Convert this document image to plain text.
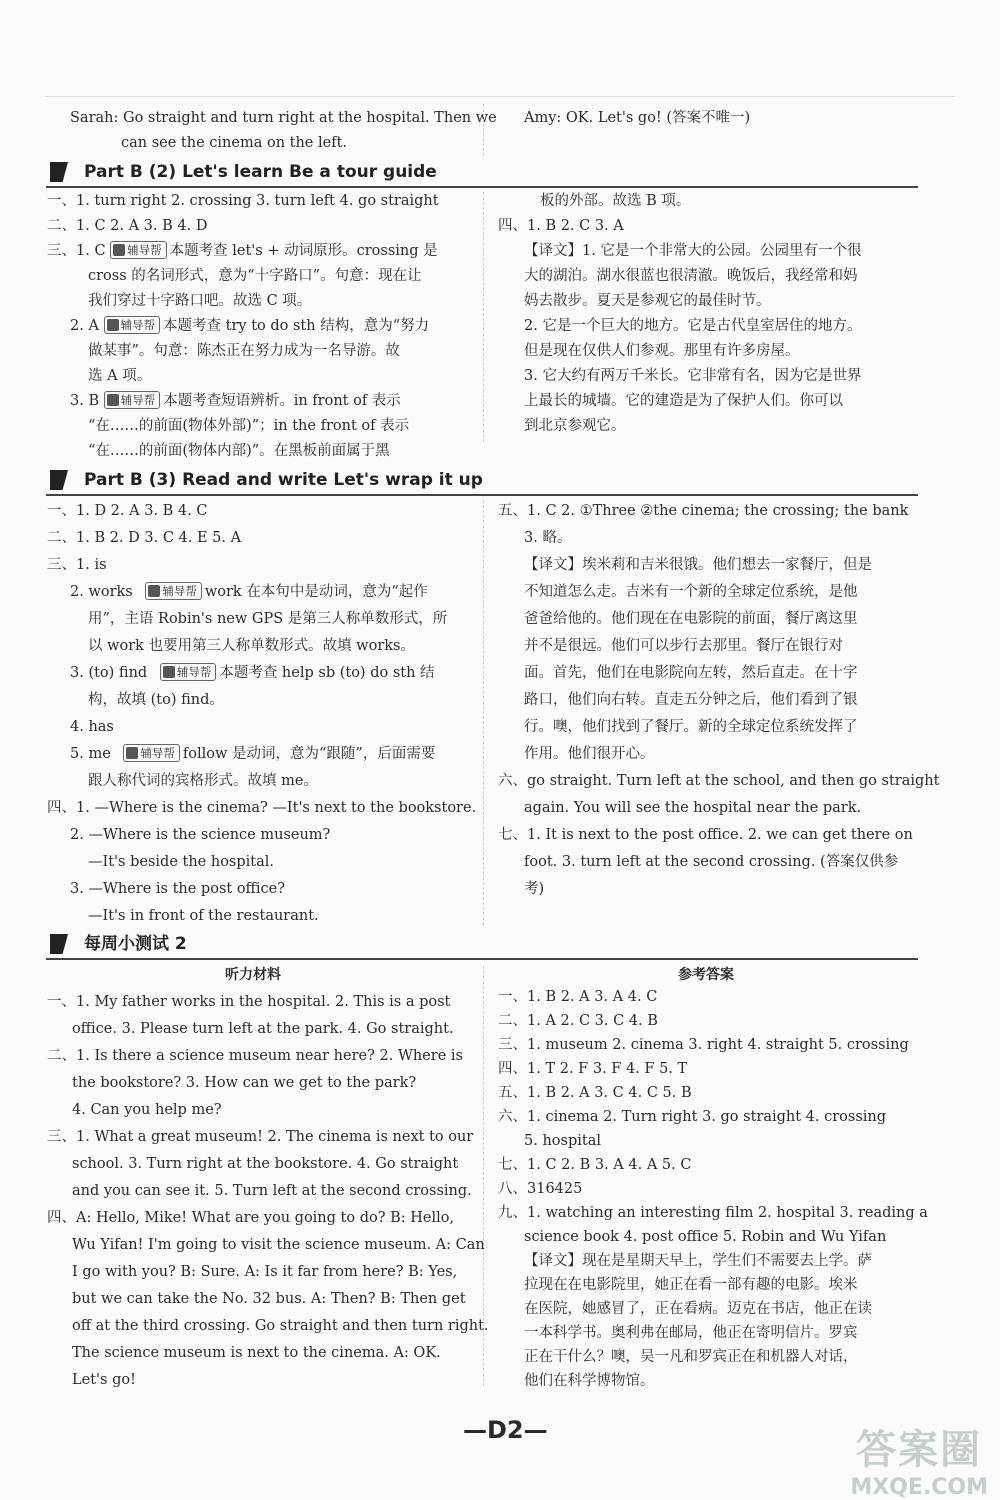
Sarah: Go straight and turn right at the hospital. Then we
can see the cinema on the left.
Amy: OK. Let's go! (答案不唯一)
Part B (2) Let's learn Be a tour guide
一、1. turn right 2. crossing 3. turn left 4. go straight
二、1. C 2. A 3. B 4. D
三、1. C 辅导帮 本题考查 let's + 动词原形。crossing 是
cross 的名词形式，意为“十字路口”。句意：现在让
我们穿过十字路口吧。故选 C 项。
2. A 辅导帮 本题考查 try to do sth 结构，意为“努力
做某事”。句意：陈杰正在努力成为一名导游。故
选 A 项。
3. B 辅导帮 本题考查短语辨析。in front of 表示
“在……的前面(物体外部)”；in the front of 表示
“在……的前面(物体内部)”。在黑板前面属于黑
板的外部。故选 B 项。
四、1. B 2. C 3. A
【译文】1. 它是一个非常大的公园。公园里有一个很
大的湖泊。湖水很蓝也很清澈。晚饭后，我经常和妈
妈去散步。夏天是参观它的最佳时节。
2. 它是一个巨大的地方。它是古代皇室居住的地方。
但是现在仅供人们参观。那里有许多房屋。
3. 它大约有两万千米长。它非常有名，因为它是世界
上最长的城墙。它的建造是为了保护人们。你可以
到北京参观它。
Part B (3) Read and write Let's wrap it up
一、1. D 2. A 3. B 4. C
二、1. B 2. D 3. C 4. E 5. A
三、1. is
2. works	辅导帮 work 在本句中是动词，意为“起作
用”，主语 Robin's new GPS 是第三人称单数形式，所
以 work 也要用第三人称单数形式。故填 works。
3. (to) find	辅导帮 本题考查 help sb (to) do sth 结
构，故填 (to) find。
4. has
5. me	辅导帮 follow 是动词，意为“跟随”，后面需要
跟人称代词的宾格形式。故填 me。
四、1. —Where is the cinema? —It's next to the bookstore.
2. —Where is the science museum?
—It's beside the hospital.
3. —Where is the post office?
—It's in front of the restaurant.
五、1. C 2. ①Three ②the cinema; the crossing; the bank
3. 略。
【译文】埃米莉和吉米很饿。他们想去一家餐厅，但是
不知道怎么走。吉米有一个新的全球定位系统，是他
爸爸给他的。他们现在在电影院的前面，餐厅离这里
并不是很远。他们可以步行去那里。餐厅在银行对
面。首先，他们在电影院向左转，然后直走。在十字
路口，他们向右转。直走五分钟之后，他们看到了银
行。噢，他们找到了餐厅。新的全球定位系统发挥了
作用。他们很开心。
六、go straight. Turn left at the school, and then go straight
again. You will see the hospital near the park.
七、1. It is next to the post office. 2. we can get there on
foot. 3. turn left at the second crossing. (答案仅供参
考)
每周小测试 2
听力材料	参考答案
一、1. My father works in the hospital. 2. This is a post
office. 3. Please turn left at the park. 4. Go straight.
二、1. Is there a science museum near here? 2. Where is
the bookstore? 3. How can we get to the park?
4. Can you help me?
三、1. What a great museum! 2. The cinema is next to our
school. 3. Turn right at the bookstore. 4. Go straight
and you can see it. 5. Turn left at the second crossing.
四、A: Hello, Mike! What are you going to do? B: Hello,
Wu Yifan! I'm going to visit the science museum. A: Can
I go with you? B: Sure. A: Is it far from here? B: Yes,
but we can take the No. 32 bus. A: Then? B: Then get
off at the third crossing. Go straight and then turn right.
The science museum is next to the cinema. A: OK.
Let's go!
一、1. B 2. A 3. A 4. C
二、1. A 2. C 3. C 4. B
三、1. museum 2. cinema 3. right 4. straight 5. crossing
四、1. T 2. F 3. F 4. F 5. T
五、1. B 2. A 3. C 4. C 5. B
六、1. cinema 2. Turn right 3. go straight 4. crossing
5. hospital
七、1. C 2. B 3. A 4. A 5. C
八、316425
九、1. watching an interesting film 2. hospital 3. reading a
science book 4. post office 5. Robin and Wu Yifan
【译文】现在是星期天早上，学生们不需要去上学。萨
拉现在在电影院里，她正在看一部有趣的电影。埃米
在医院，她感冒了，正在看病。迈克在书店，他正在读
一本科学书。奥利弗在邮局，他正在寄明信片。罗宾
正在干什么？噢，吴一凡和罗宾正在和机器人对话，
他们在科学博物馆。
—D2—	答案圈
MXQE.COM
